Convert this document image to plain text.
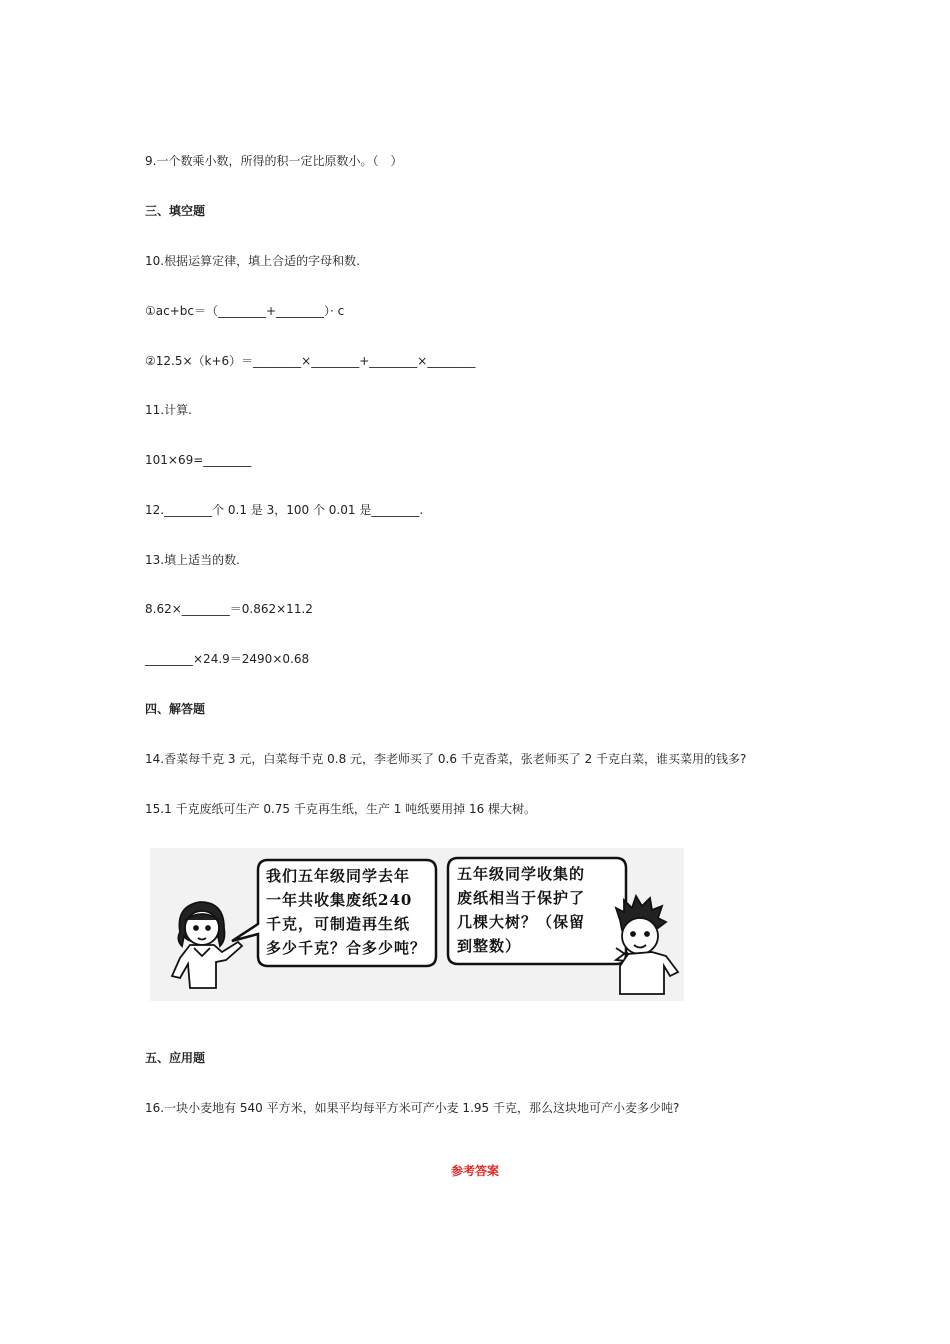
9.一个数乘小数，所得的积一定比原数小。（　）
三、填空题
10.根据运算定律，填上合适的字母和数.
①ac+bc＝（________+________）· c
②12.5×（k+6）＝________×________+________×________
11.计算.
101×69=________
12.________个 0.1 是 3，100 个 0.01 是________.
13.填上适当的数.
8.62×________＝0.862×11.2
________×24.9＝2490×0.68
四、解答题
14.香菜每千克 3 元，白菜每千克 0.8 元，李老师买了 0.6 千克香菜，张老师买了 2 千克白菜，谁买菜用的钱多?
15.1 千克废纸可生产 0.75 千克再生纸，生产 1 吨纸要用掉 16 棵大树。
我们五年级同学去年
一年共收集废纸240
千克，可制造再生纸
多少千克？合多少吨？
五年级同学收集的
废纸相当于保护了
几棵大树？（保留
到整数）
五、应用题
16.一块小麦地有 540 平方米，如果平均每平方米可产小麦 1.95 千克，那么这块地可产小麦多少吨?
参考答案
